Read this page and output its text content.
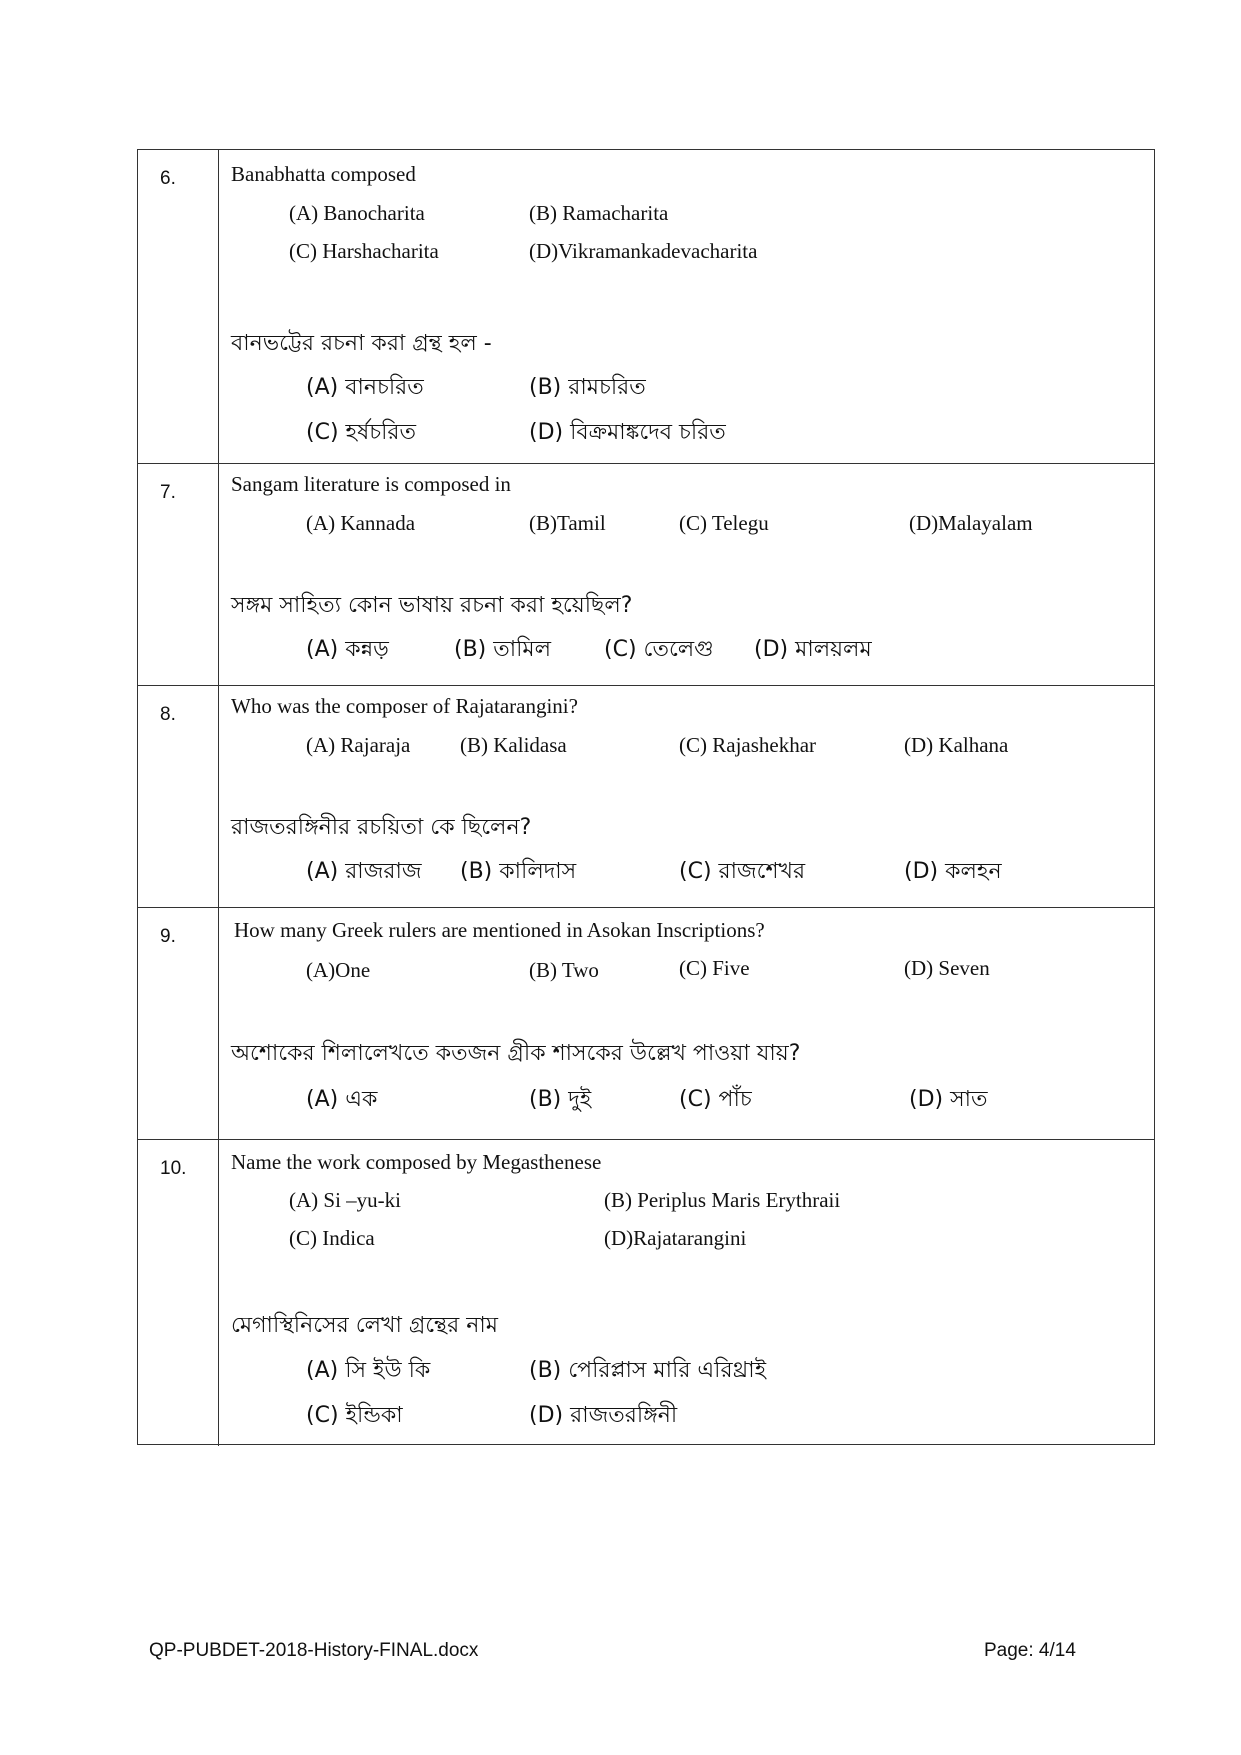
6.	Banabhatta composed
(A) Banocharita	(B) Ramacharita
(C) Harshacharita	(D)Vikramankadevacharita
বানভট্টের রচনা করা গ্রন্থ হল -
(A) বানচরিত	(B) রামচরিত
(C) হর্ষচরিত	(D) বিক্রমাঙ্কদেব চরিত
7.	Sangam literature is composed in
(A) Kannada	(B)Tamil	(C) Telegu	(D)Malayalam
সঙ্গম সাহিত্য কোন ভাষায় রচনা করা হয়েছিল?
(A) কন্নড়	(B) তামিল (C) তেলেগু (D) মালয়লম
8.	Who was the composer of Rajatarangini?
(A) Rajaraja (B) Kalidasa	(C) Rajashekhar	(D) Kalhana
রাজতরঙ্গিনীর রচয়িতা কে ছিলেন?
(A) রাজরাজ (B) কালিদাস	(C) রাজশেখর	(D) কলহন
9.	How many Greek rulers are mentioned in Asokan Inscriptions?
(A)One	(B) Two	(C) Five	(D) Seven
অশোকের শিলালেখতে কতজন গ্রীক শাসকের উল্লেখ পাওয়া যায়?
(A) এক	(B) দুই	(C) পাঁচ	(D) সাত
10.	Name the work composed by Megasthenese
(A) Si –yu-ki	(B) Periplus Maris Erythraii
(C) Indica	(D)Rajatarangini
মেগাস্থিনিসের লেখা গ্রন্থের নাম
(A) সি ইউ কি	(B) পেরিপ্লাস মারি এরিথ্রাই
(C) ইন্ডিকা	(D) রাজতরঙ্গিনী
QP-PUBDET-2018-History-FINAL.docx	Page: 4/14
